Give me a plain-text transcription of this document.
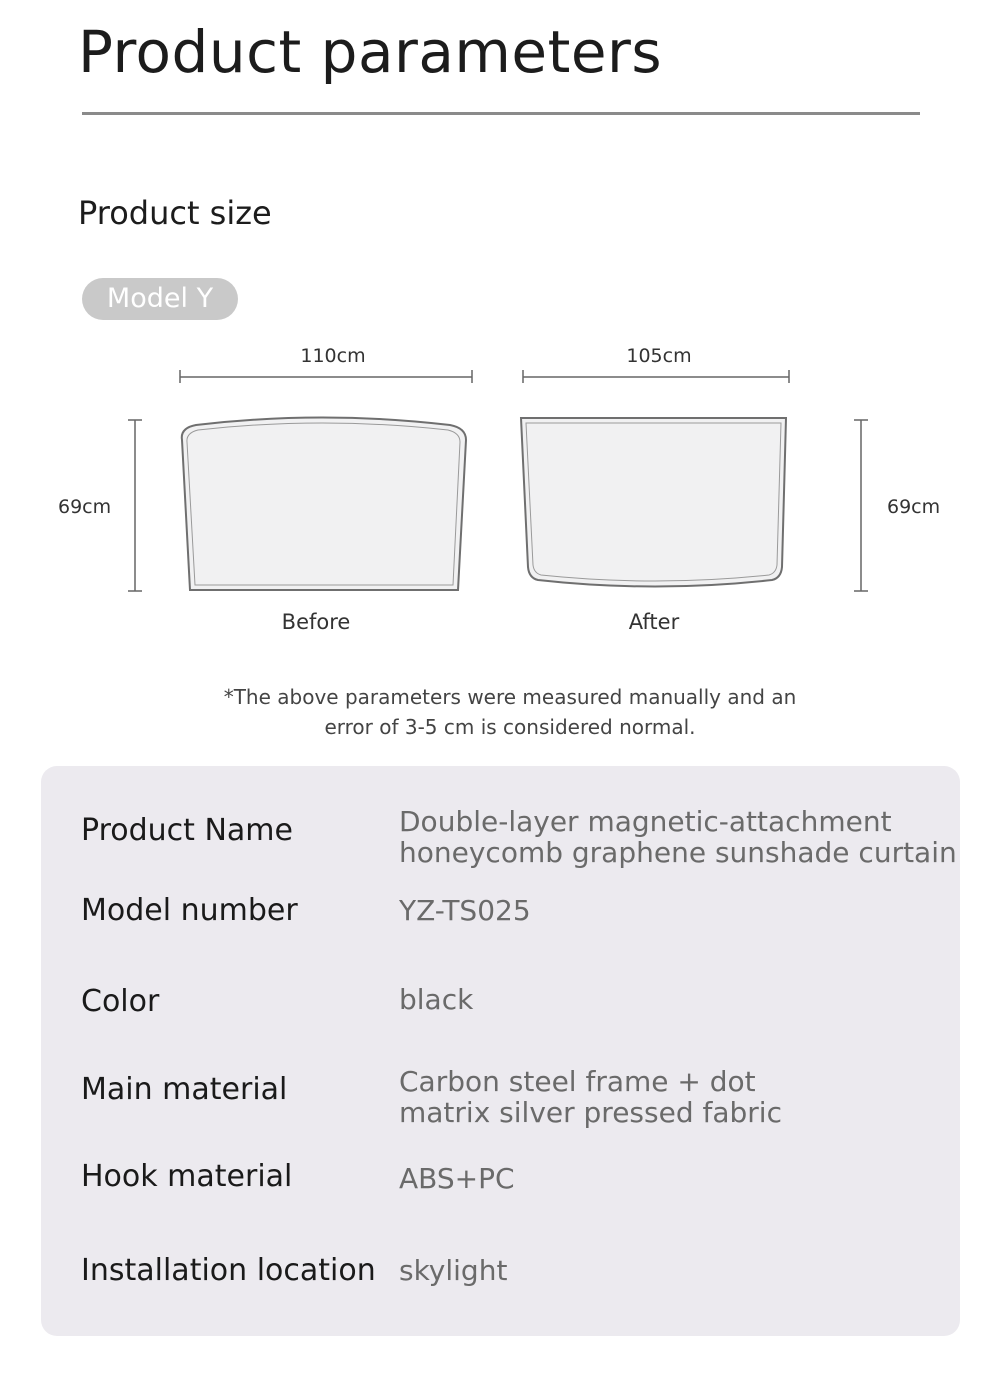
Product parameters
Product size
Model Y
110cm	105cm
69cm	69cm
Before	After
*The above parameters were measured manually and an
error of 3-5 cm is considered normal.
Product Name	Double-layer magnetic-attachment
honeycomb graphene sunshade curtain
Model number	YZ-TS025
Color	black
Main material	Carbon steel frame + dot
matrix silver pressed fabric
Hook material	ABS+PC
Installation location skylight
